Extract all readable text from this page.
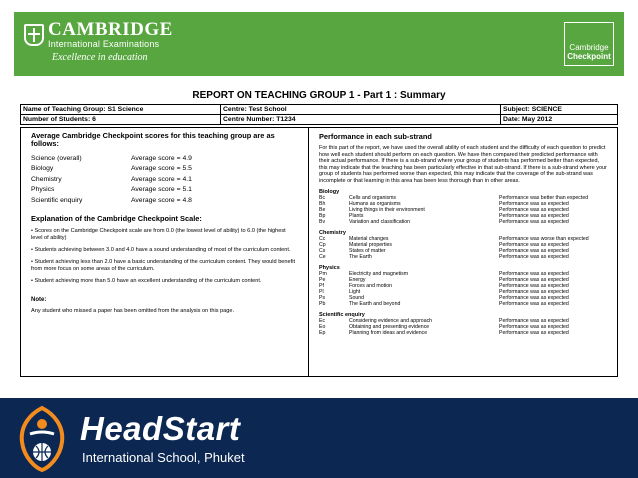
CAMBRIDGE
International Examinations
Excellence in education
Cambridge
Checkpoint
REPORT ON TEACHING GROUP 1 - Part 1 : Summary
Name of Teaching Group: S1 Science	Centre: Test School	Subject: SCIENCE
Number of Students: 6	Centre Number: T1234	Date: May 2012
Average Cambridge Checkpoint scores for this teaching group are as follows:
Science (overall)	Average score = 4.9
Biology	Average score = 5.5
Chemistry	Average score = 4.1
Physics	Average score = 5.1
Scientific enquiry	Average score = 4.8
Explanation of the Cambridge Checkpoint Scale:
• Scores on the Cambridge Checkpoint scale are from 0.0 (the lowest level of ability) to 6.0 (the highest level of ability)
• Students achieving between 3.0 and 4.0 have a sound understanding of most of the curriculum content.
• Student achieving less than 2.0 have a basic understanding of the curriculum content. They would benefit from more focus on some areas of the curriculum.
• Student achieving more than 5.0 have an excellent understanding of the curriculum content.
Note:
Any student who missed a paper has been omitted from the analysis on this page.
Performance in each sub-strand
For this part of the report, we have used the overall ability of each student and the difficulty of each question to predict how well each student should perform on each question. We have then compared their predicted performance with their actual performance. If there is a sub-strand where your group of students has performed better than expected, this may indicate that the teaching has been particularly effective in that sub-strand. If there is a sub-strand where your group of students has performed worse than expected, this may indicate that the coverage of the sub-strand was incomplete or that learning in this area has been less thorough than in other areas.
Biology
Bc	Cells and organisms	Performance was better than expected
Bh	Humans as organisms	Performance was as expected
Be	Living things in their environment	Performance was as expected
Bp	Plants	Performance was as expected
Bv	Variation and classification	Performance was as expected
Chemistry
Cc	Material changes	Performance was worse than expected
Cp	Material properties	Performance was as expected
Cs	States of matter	Performance was as expected
Ce	The Earth	Performance was as expected
Physics
Pm	Electricity and magnetism	Performance was as expected
Pe	Energy	Performance was as expected
Pf	Forces and motion	Performance was as expected
Pl	Light	Performance was as expected
Ps	Sound	Performance was as expected
Pb	The Earth and beyond	Performance was as expected
Scientific enquiry
Ec	Considering evidence and approach	Performance was as expected
Eo	Obtaining and presenting evidence	Performance was as expected
Ep	Planning from ideas and evidence	Performance was as expected
HeadStart
International School, Phuket
